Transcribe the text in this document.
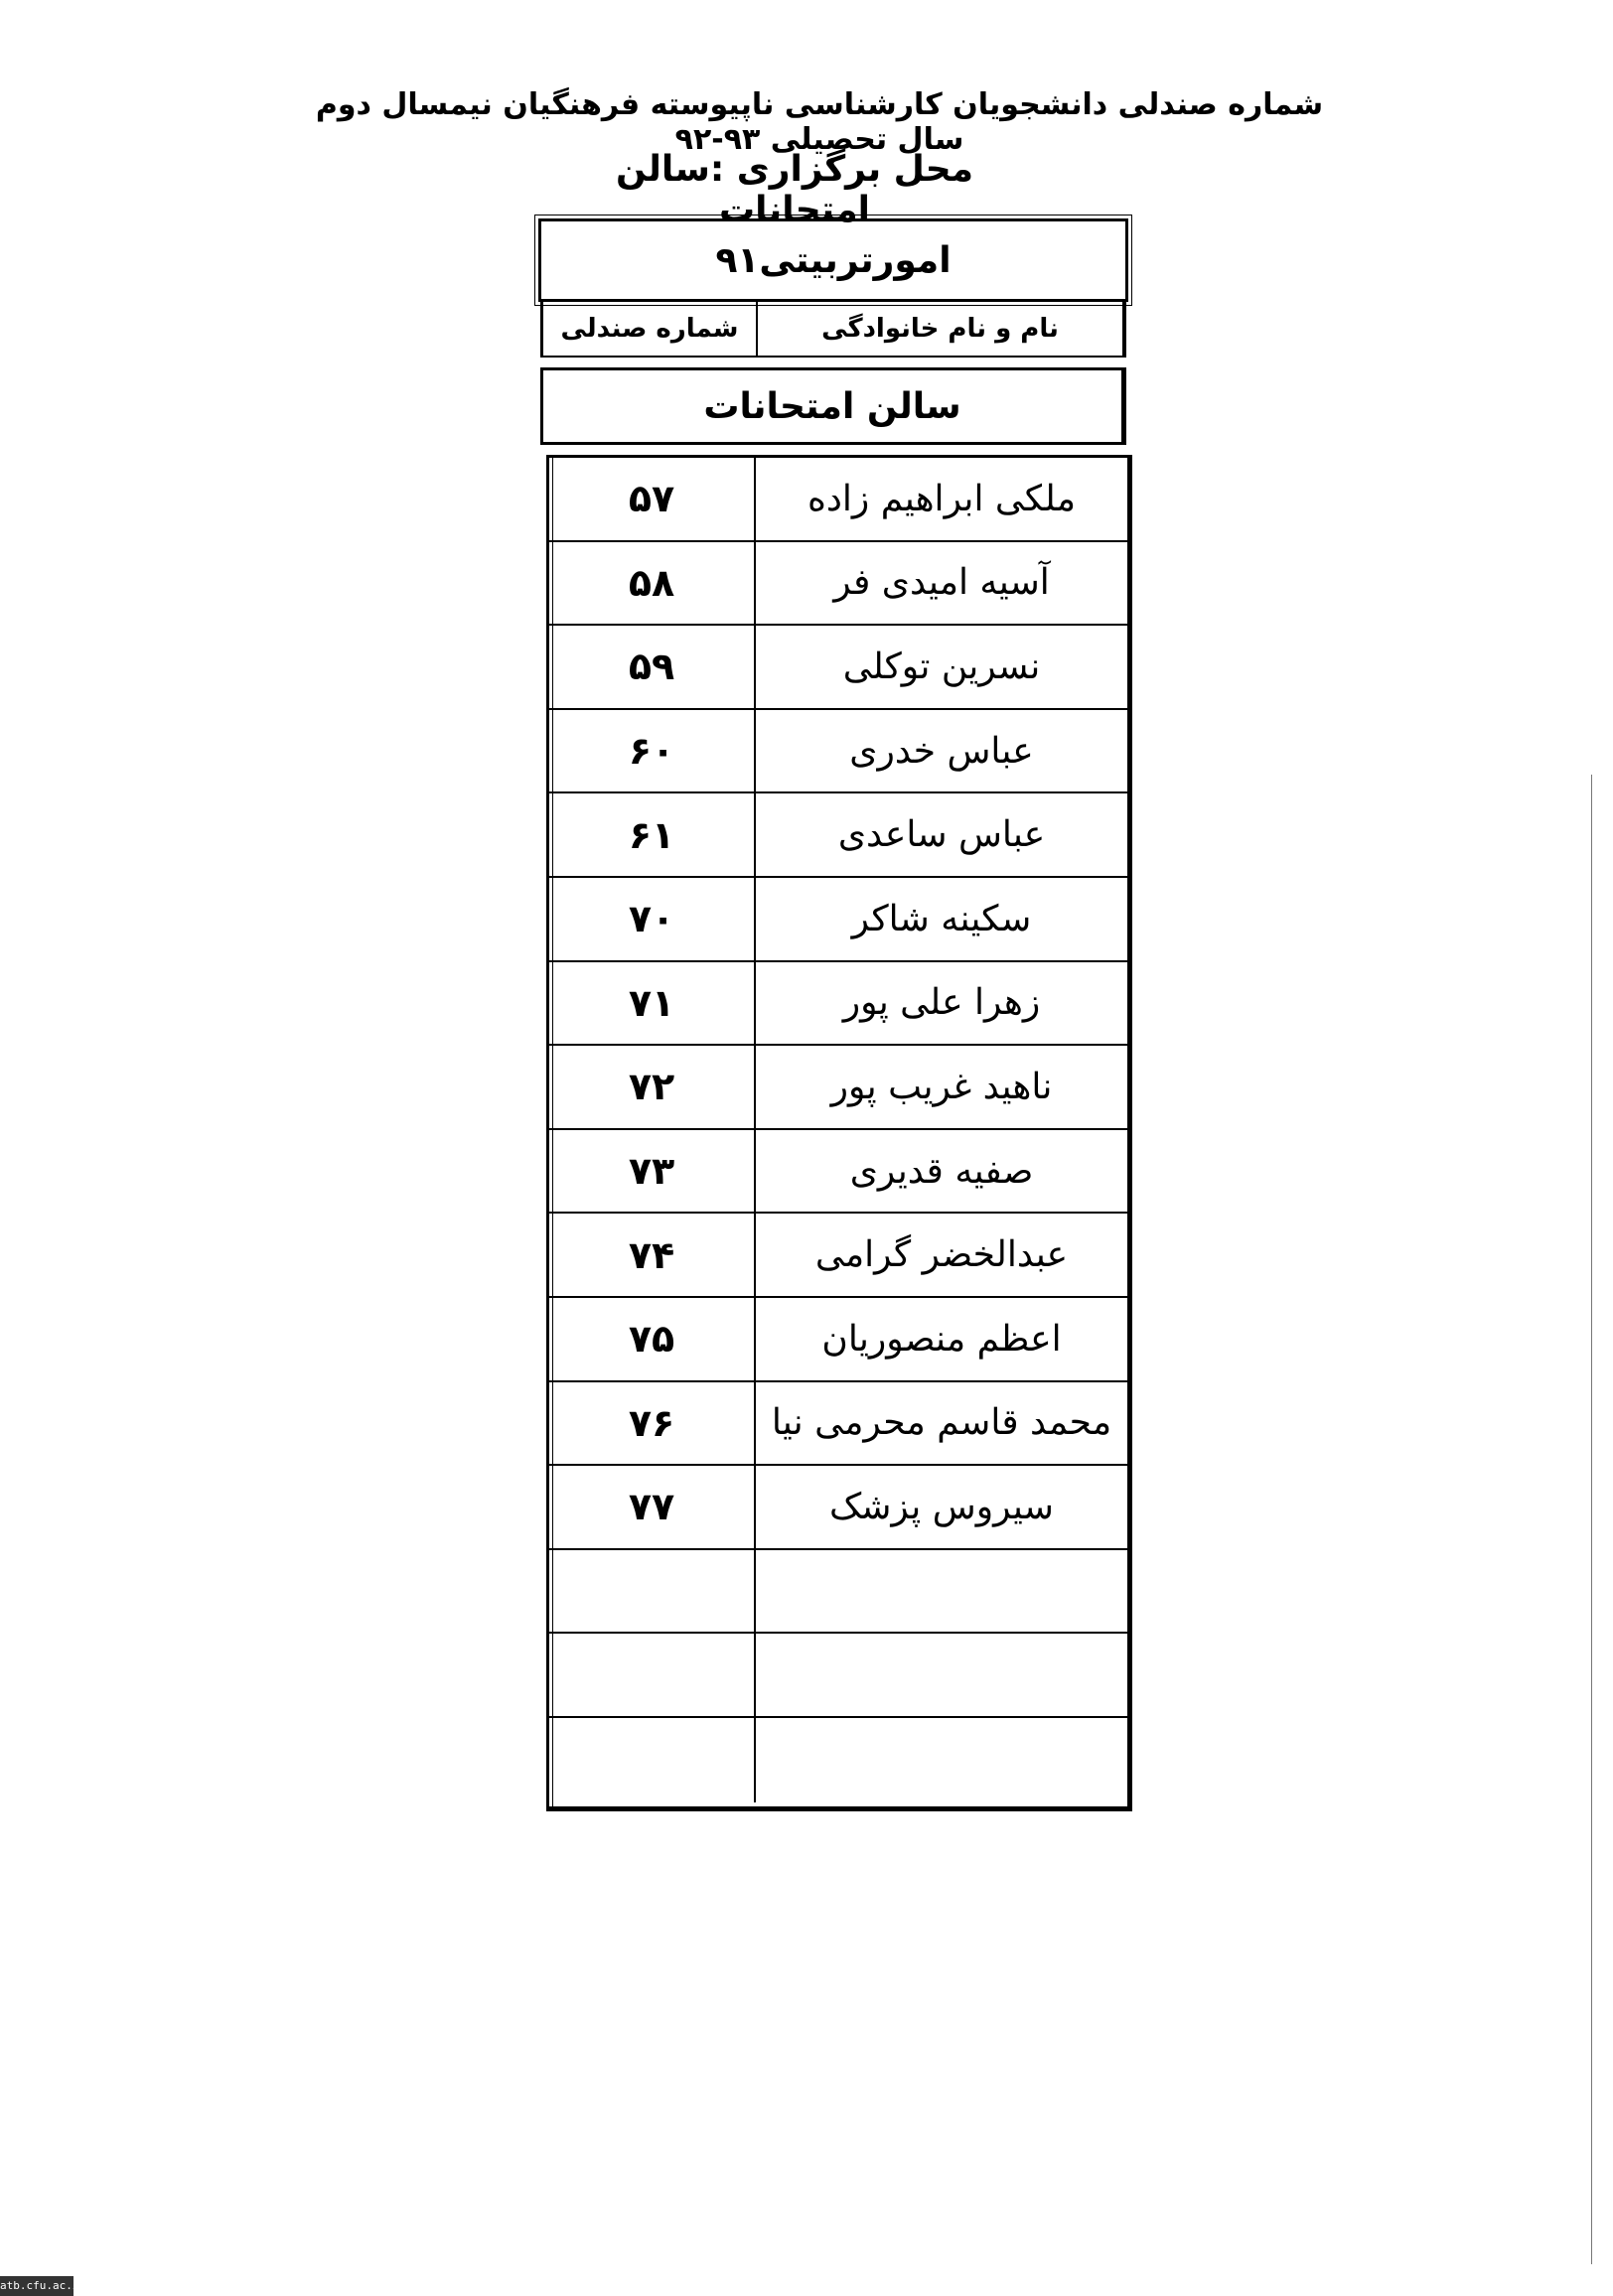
شماره صندلی دانشجویان کارشناسی ناپیوسته فرهنگیان نیمسال دوم سال تحصیلی ۹۳-۹۲
محل برگزاری :سالن امتحانات
امورتربیتی۹۱
شماره صندلی	نام و نام خانوادگی
سالن امتحانات
۵۷	ملکی ابراهیم زاده
۵۸	آسیه امیدی فر
۵۹	نسرین توکلی
۶۰	عباس خدری
۶۱	عباس ساعدی
۷۰	سکینه شاکر
۷۱	زهرا علی پور
۷۲	ناهید غریب پور
۷۳	صفیه قدیری
۷۴	عبدالخضر گرامی
۷۵	اعظم منصوریان
۷۶	محمد قاسم محرمی نیا
۷۷	سیروس پزشک
atb.cfu.ac.ir
